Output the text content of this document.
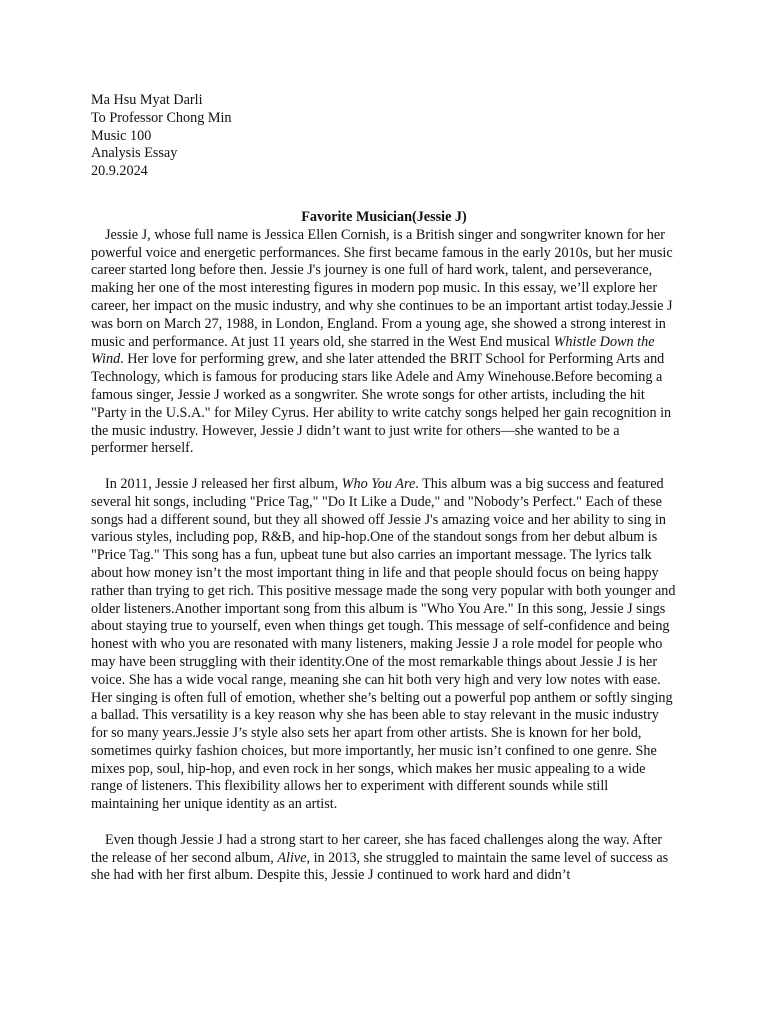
Ma Hsu Myat Darli
To Professor Chong Min
Music 100
Analysis Essay
20.9.2024
Favorite Musician(Jessie J)

Jessie J, whose full name is Jessica Ellen Cornish, is a British singer and songwriter known for her powerful voice and energetic performances. She first became famous in the early 2010s, but her music career started long before then. Jessie J's journey is one full of hard work, talent, and perseverance, making her one of the most interesting figures in modern pop music. In this essay, we’ll explore her career, her impact on the music industry, and why she continues to be an important artist today.Jessie J was born on March 27, 1988, in London, England. From a young age, she showed a strong interest in music and performance. At just 11 years old, she starred in the West End musical Whistle Down the Wind. Her love for performing grew, and she later attended the BRIT School for Performing Arts and Technology, which is famous for producing stars like Adele and Amy Winehouse.Before becoming a famous singer, Jessie J worked as a songwriter. She wrote songs for other artists, including the hit "Party in the U.S.A." for Miley Cyrus. Her ability to write catchy songs helped her gain recognition in the music industry. However, Jessie J didn’t want to just write for others—she wanted to be a performer herself.

In 2011, Jessie J released her first album, Who You Are. This album was a big success and featured several hit songs, including "Price Tag," "Do It Like a Dude," and "Nobody’s Perfect." Each of these songs had a different sound, but they all showed off Jessie J's amazing voice and her ability to sing in various styles, including pop, R&B, and hip-hop.One of the standout songs from her debut album is "Price Tag." This song has a fun, upbeat tune but also carries an important message. The lyrics talk about how money isn’t the most important thing in life and that people should focus on being happy rather than trying to get rich. This positive message made the song very popular with both younger and older listeners.Another important song from this album is "Who You Are." In this song, Jessie J sings about staying true to yourself, even when things get tough. This message of self-confidence and being honest with who you are resonated with many listeners, making Jessie J a role model for people who may have been struggling with their identity.One of the most remarkable things about Jessie J is her voice. She has a wide vocal range, meaning she can hit both very high and very low notes with ease. Her singing is often full of emotion, whether she’s belting out a powerful pop anthem or softly singing a ballad. This versatility is a key reason why she has been able to stay relevant in the music industry for so many years.Jessie J’s style also sets her apart from other artists. She is known for her bold, sometimes quirky fashion choices, but more importantly, her music isn’t confined to one genre. She mixes pop, soul, hip-hop, and even rock in her songs, which makes her music appealing to a wide range of listeners. This flexibility allows her to experiment with different sounds while still maintaining her unique identity as an artist.

Even though Jessie J had a strong start to her career, she has faced challenges along the way. After the release of her second album, Alive, in 2013, she struggled to maintain the same level of success as she had with her first album. Despite this, Jessie J continued to work hard and didn’t
